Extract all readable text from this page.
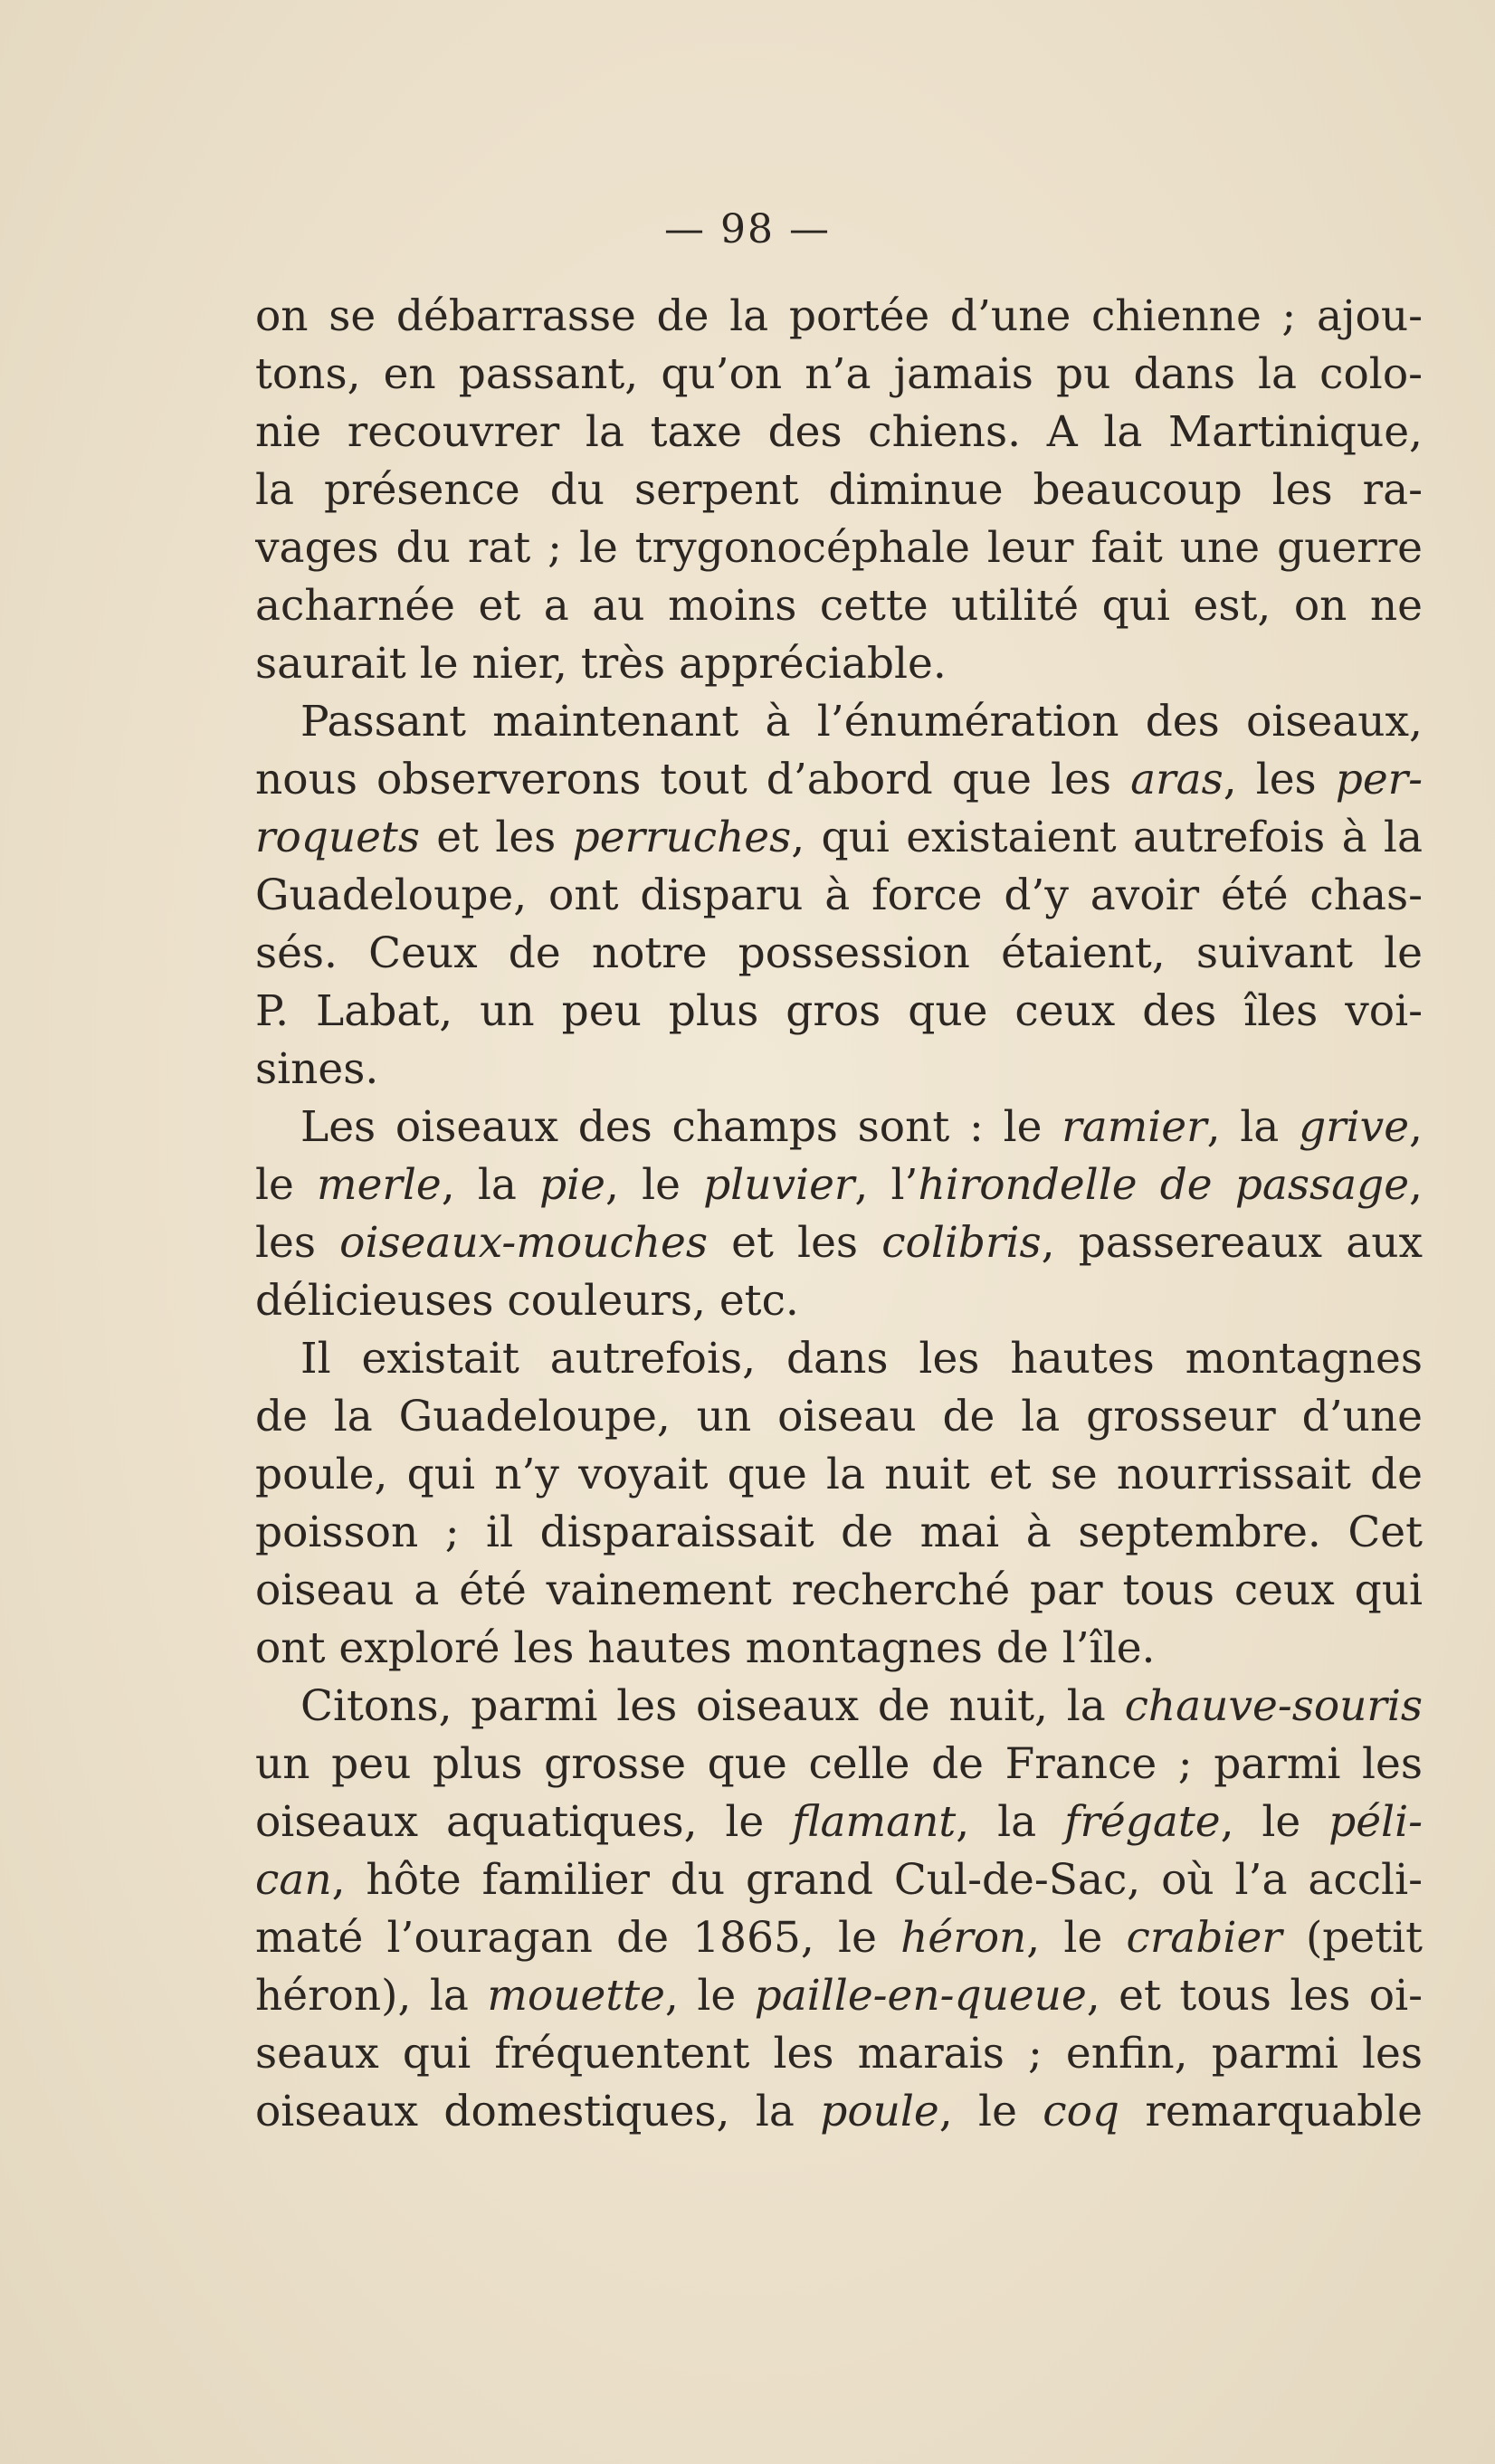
— 98 —
on se débarrasse de la portée d’une chienne ; ajou-
tons, en passant, qu’on n’a jamais pu dans la colo-
nie recouvrer la taxe des chiens. A la Martinique,
la présence du serpent diminue beaucoup les ra-
vages du rat ; le trygonocéphale leur fait une guerre
acharnée et a au moins cette utilité qui est, on ne
saurait le nier, très appréciable.
Passant maintenant à l’énumération des oiseaux,
nous observerons tout d’abord que les aras, les per-
roquets et les perruches, qui existaient autrefois à la
Guadeloupe, ont disparu à force d’y avoir été chas-
sés. Ceux de notre possession étaient, suivant le
P. Labat, un peu plus gros que ceux des îles voi-
sines.
Les oiseaux des champs sont : le ramier, la grive,
le merle, la pie, le pluvier, l’hirondelle de passage,
les oiseaux-mouches et les colibris, passereaux aux
délicieuses couleurs, etc.
Il existait autrefois, dans les hautes montagnes
de la Guadeloupe, un oiseau de la grosseur d’une
poule, qui n’y voyait que la nuit et se nourrissait de
poisson ; il disparaissait de mai à septembre. Cet
oiseau a été vainement recherché par tous ceux qui
ont exploré les hautes montagnes de l’île.
Citons, parmi les oiseaux de nuit, la chauve-souris
un peu plus grosse que celle de France ; parmi les
oiseaux aquatiques, le flamant, la frégate, le péli-
can, hôte familier du grand Cul-de-Sac, où l’a accli-
maté l’ouragan de 1865, le héron, le crabier (petit
héron), la mouette, le paille-en-queue, et tous les oi-
seaux qui fréquentent les marais ; enfin, parmi les
oiseaux domestiques, la poule, le coq remarquable
